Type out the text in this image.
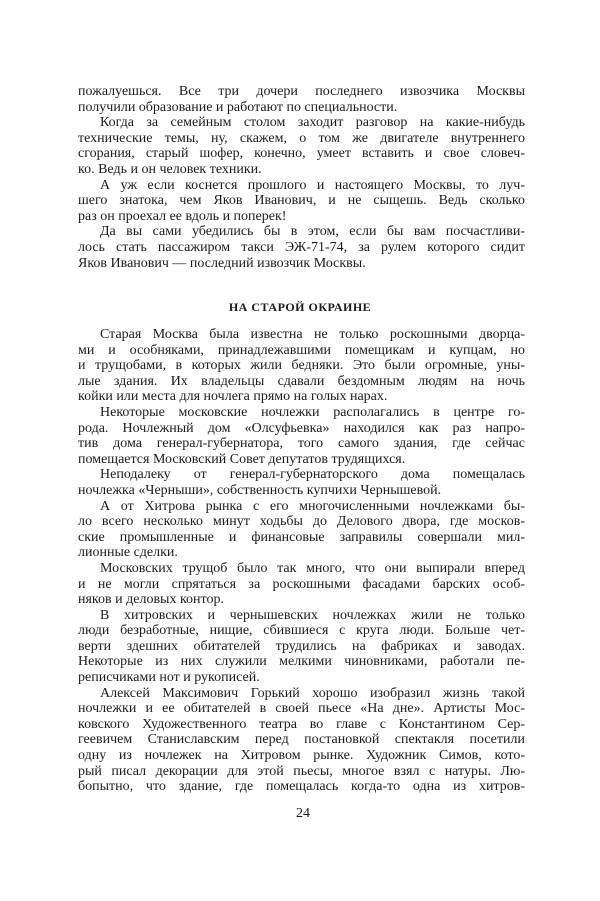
пожалуешься. Все три дочери последнего извозчика Москвы
получили образование и работают по специальности.
Когда за семейным столом заходит разговор на какие-нибудь
технические темы, ну, скажем, о том же двигателе внутреннего
сгорания, старый шофер, конечно, умеет вставить и свое словеч-
ко. Ведь и он человек техники.
А уж если коснется прошлого и настоящего Москвы, то луч-
шего знатока, чем Яков Иванович, и не сыщешь. Ведь сколько
раз он проехал ее вдоль и поперек!
Да вы сами убедились бы в этом, если бы вам посчастливи-
лось стать пассажиром такси ЭЖ-71-74, за рулем которого сидит
Яков Иванович — последний извозчик Москвы.
НА СТАРОЙ ОКРАИНЕ
Старая Москва была известна не только роскошными дворца-
ми и особняками, принадлежавшими помещикам и купцам, но
и трущобами, в которых жили бедняки. Это были огромные, уны-
лые здания. Их владельцы сдавали бездомным людям на ночь
койки или места для ночлега прямо на голых нарах.
Некоторые московские ночлежки располагались в центре го-
рода. Ночлежный дом «Олсуфьевка» находился как раз напро-
тив дома генерал-губернатора, того самого здания, где сейчас
помещается Московский Совет депутатов трудящихся.
Неподалеку от генерал-губернаторского дома помещалась
ночлежка «Черныши», собственность купчихи Чернышевой.
А от Хитрова рынка с его многочисленными ночлежками бы-
ло всего несколько минут ходьбы до Делового двора, где москов-
ские промышленные и финансовые заправилы совершали мил-
лионные сделки.
Московских трущоб было так много, что они выпирали вперед
и не могли спрятаться за роскошными фасадами барских особ-
няков и деловых контор.
В хитровских и чернышевских ночлежках жили не только
люди безработные, нищие, сбившиеся с круга люди. Больше чет-
верти здешних обитателей трудились на фабриках и заводах.
Некоторые из них служили мелкими чиновниками, работали пе-
реписчиками нот и рукописей.
Алексей Максимович Горький хорошо изобразил жизнь такой
ночлежки и ее обитателей в своей пьесе «На дне». Артисты Мос-
ковского Художественного театра во главе с Константином Сер-
геевичем Станиславским перед постановкой спектакля посетили
одну из ночлежек на Хитровом рынке. Художник Симов, кото-
рый писал декорации для этой пьесы, многое взял с натуры. Лю-
бопытно, что здание, где помещалась когда-то одна из хитров-
24
